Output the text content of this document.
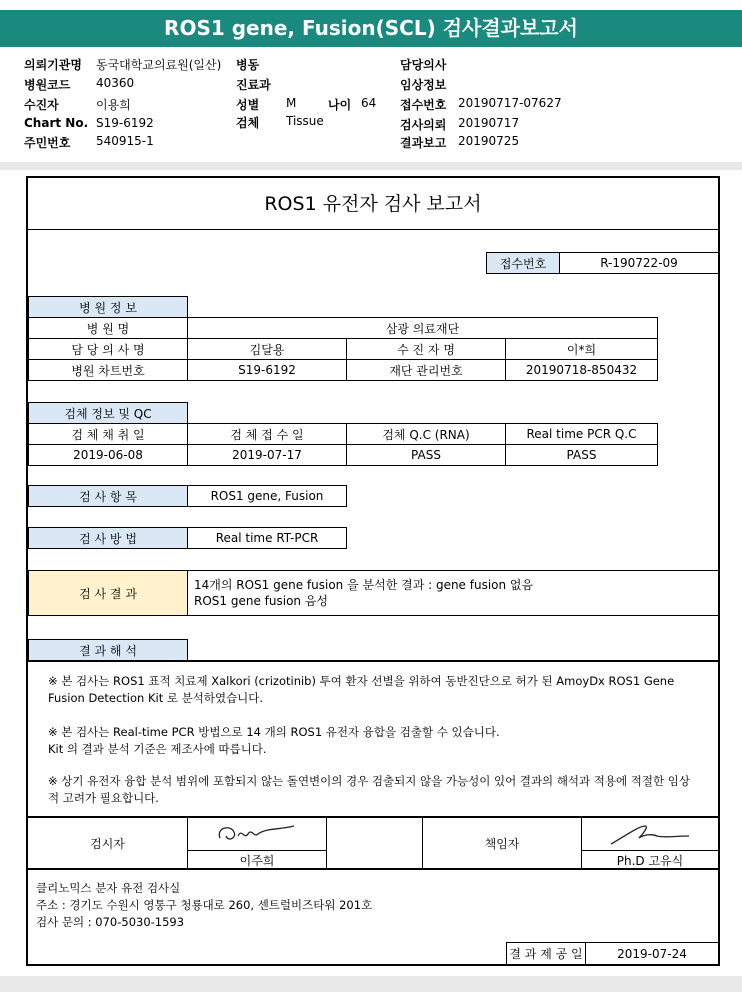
ROS1 gene, Fusion(SCL) 검사결과보고서
의뢰기관명 동국대학교의료원(일산)
병원코드 40360
수진자	이용희
Chart No. S19-6192
주민번호 540915-1
병동
진료과
성별 M	나이 64
검체 Tissue
담당의사
임상정보
접수번호 20190717-07627
검사의뢰 20190717
결과보고 20190725
ROS1 유전자 검사 보고서
접수번호	R-190722-09
병 원 정 보
병 원 명	삼광 의료재단
담 당 의 사 명	김달용	수 진 자 명	이*희
병원 차트번호	S19-6192	재단 관리번호	20190718-850432
검체 정보 및 QC
검 체 채 취 일	검 체 접 수 일	검체 Q.C (RNA)	Real time PCR Q.C
2019-06-08	2019-07-17	PASS	PASS
검 사 항 목	ROS1 gene, Fusion
검 사 방 법	Real time RT-PCR
검 사 결 과
14개의 ROS1 gene fusion 을 분석한 결과 : gene fusion 없음
ROS1 gene fusion 음성
결 과 해 석
※ 본 검사는 ROS1 표적 치료제 Xalkori (crizotinib) 투여 환자 선별을 위하여 동반진단으로 허가 된 AmoyDx ROS1 Gene
Fusion Detection Kit 로 분석하였습니다.
※ 본 검사는 Real-time PCR 방법으로 14 개의 ROS1 유전자 융합을 검출할 수 있습니다.
Kit 의 결과 분석 기준은 제조사에 따릅니다.
※ 상기 유전자 융합 분석 범위에 포함되지 않는 돌연변이의 경우 검출되지 않을 가능성이 있어 결과의 해석과 적용에 적절한 임상
적 고려가 필요합니다.
검시자
이주희
책임자
Ph.D 고유식
클리노믹스 분자 유전 검사실
주소 : 경기도 수원시 영통구 청룡대로 260, 센트럴비즈타워 201호
검사 문의 : 070-5030-1593
결 과 제 공 일	2019-07-24
